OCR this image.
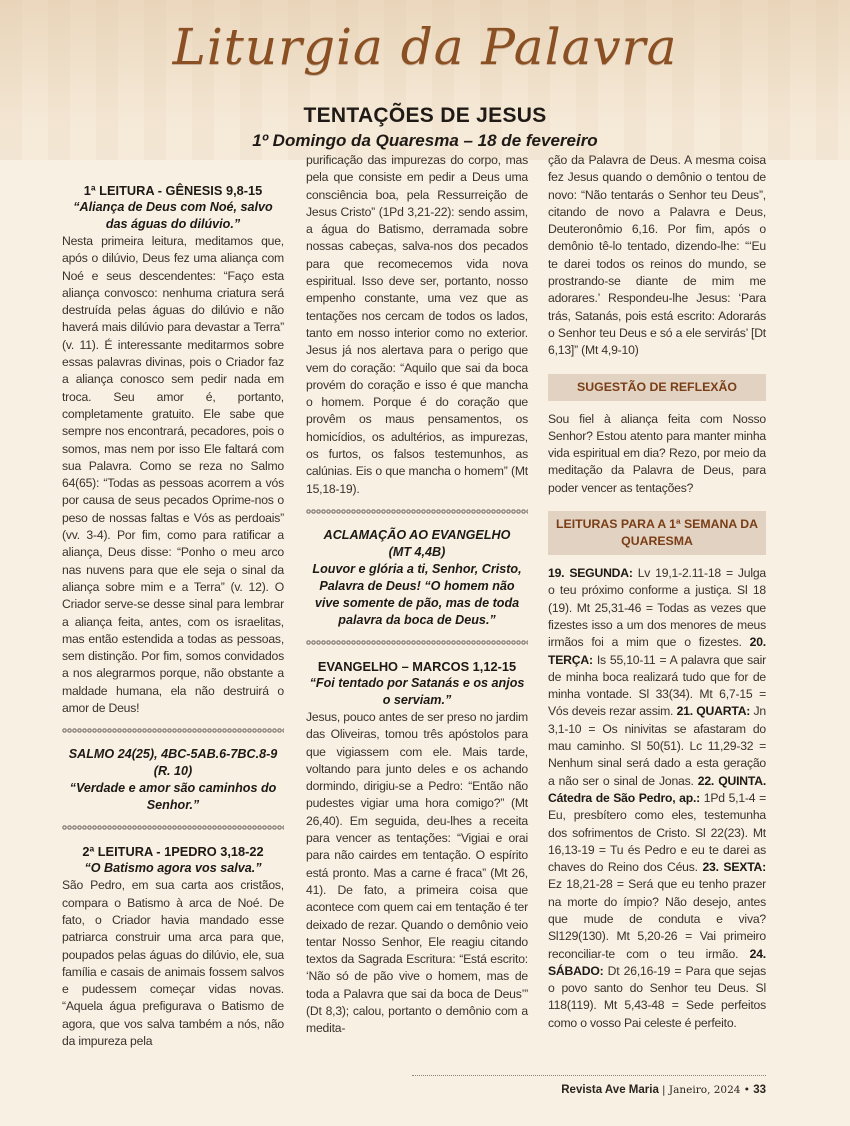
Liturgia da Palavra
TENTAÇÕES DE JESUS
1º Domingo da Quaresma – 18 de fevereiro

1ª LEITURA - GÊNESIS 9,8-15

“Aliança de Deus com Noé, salvo das águas do dilúvio.”

Nesta primeira leitura, meditamos que, após o dilúvio, Deus fez uma aliança com Noé e seus descendentes: “Faço esta aliança convosco: nenhuma criatura será destruída pelas águas do dilúvio e não haverá mais dilúvio para devastar a Terra” (v. 11). É interessante meditarmos sobre essas palavras divinas, pois o Criador faz a aliança conosco sem pedir nada em troca. Seu amor é, portanto, completamente gratuito. Ele sabe que sempre nos encontrará, pecadores, pois o somos, mas nem por isso Ele faltará com sua Palavra. Como se reza no Salmo 64(65): “Todas as pessoas acorrem a vós por causa de seus pecados Oprime-nos o peso de nossas faltas e Vós as perdoais” (vv. 3-4). Por fim, como para ratificar a aliança, Deus disse: “Ponho o meu arco nas nuvens para que ele seja o sinal da aliança sobre mim e a Terra” (v. 12). O Criador serve-se desse sinal para lembrar a aliança feita, antes, com os israelitas, mas então estendida a todas as pessoas, sem distinção. Por fim, somos convidados a nos alegrarmos porque, não obstante a maldade humana, ela não destruirá o amor de Deus!

SALMO 24(25), 4BC-5AB.6-7BC.8-9

(R. 10)

“Verdade e amor são caminhos do Senhor.”

2ª LEITURA - 1PEDRO 3,18-22

“O Batismo agora vos salva.”

São Pedro, em sua carta aos cristãos, compara o Batismo à arca de Noé. De fato, o Criador havia mandado esse patriarca construir uma arca para que, poupados pelas águas do dilúvio, ele, sua família e casais de animais fossem salvos e pudessem começar vidas novas. “Aquela água prefigurava o Batismo de agora, que vos salva também a nós, não da impureza pela

purificação das impurezas do corpo, mas pela que consiste em pedir a Deus uma consciência boa, pela Ressurreição de Jesus Cristo” (1Pd 3,21-22): sendo assim, a água do Batismo, derramada sobre nossas cabeças, salva-nos dos pecados para que recomecemos vida nova espiritual. Isso deve ser, portanto, nosso empenho constante, uma vez que as tentações nos cercam de todos os lados, tanto em nosso interior como no exterior. Jesus já nos alertava para o perigo que vem do coração: “Aquilo que sai da boca provém do coração e isso é que mancha o homem. Porque é do coração que provêm os maus pensamentos, os homicídios, os adultérios, as impurezas, os furtos, os falsos testemunhos, as calúnias. Eis o que mancha o homem” (Mt 15,18-19).

ACLAMAÇÃO AO EVANGELHO

(MT 4,4B)

Louvor e glória a ti, Senhor, Cristo, Palavra de Deus! “O homem não vive somente de pão, mas de toda palavra da boca de Deus.”

EVANGELHO – MARCOS 1,12-15

“Foi tentado por Satanás e os anjos o serviam.”

Jesus, pouco antes de ser preso no jardim das Oliveiras, tomou três apóstolos para que vigiassem com ele. Mais tarde, voltando para junto deles e os achando dormindo, dirigiu-se a Pedro: “Então não pudestes vigiar uma hora comigo?” (Mt 26,40). Em seguida, deu-lhes a receita para vencer as tentações: “Vigiai e orai para não cairdes em tentação. O espírito está pronto. Mas a carne é fraca” (Mt 26, 41). De fato, a primeira coisa que acontece com quem cai em tentação é ter deixado de rezar. Quando o demônio veio tentar Nosso Senhor, Ele reagiu citando textos da Sagrada Escritura: “Está escrito: ‘Não só de pão vive o homem, mas de toda a Palavra que sai da boca de Deus’” (Dt 8,3); calou, portanto o demônio com a medita-

ção da Palavra de Deus. A mesma coisa fez Jesus quando o demônio o tentou de novo: “Não tentarás o Senhor teu Deus”, citando de novo a Palavra e Deus, Deuteronômio 6,16. Por fim, após o demônio tê-lo tentado, dizendo-lhe: “‘Eu te darei todos os reinos do mundo, se prostrando-se diante de mim me adorares.’ Respondeu-lhe Jesus: ‘Para trás, Satanás, pois está escrito: Adorarás o Senhor teu Deus e só a ele servirás’ [Dt 6,13]” (Mt 4,9-10)

SUGESTÃO DE REFLEXÃO

Sou fiel à aliança feita com Nosso Senhor? Estou atento para manter minha vida espiritual em dia? Rezo, por meio da meditação da Palavra de Deus, para poder vencer as tentações?

LEITURAS PARA A 1ª SEMANA DA QUARESMA

19. SEGUNDA: Lv 19,1-2.11-18 = Julga o teu próximo conforme a justiça. Sl 18 (19). Mt 25,31-46 = Todas as vezes que fizestes isso a um dos menores de meus irmãos foi a mim que o fizestes. 20. TERÇA: Is 55,10-11 = A palavra que sair de minha boca realizará tudo que for de minha vontade. Sl 33(34). Mt 6,7-15 = Vós deveis rezar assim. 21. QUARTA: Jn 3,1-10 = Os ninivitas se afastaram do mau caminho. Sl 50(51). Lc 11,29-32 = Nenhum sinal será dado a esta geração a não ser o sinal de Jonas. 22. QUINTA. Cátedra de São Pedro, ap.: 1Pd 5,1-4 = Eu, presbítero como eles, testemunha dos sofrimentos de Cristo. Sl 22(23). Mt 16,13-19 = Tu és Pedro e eu te darei as chaves do Reino dos Céus. 23. SEXTA: Ez 18,21-28 = Será que eu tenho prazer na morte do ímpio? Não desejo, antes que mude de conduta e viva? Sl129(130). Mt 5,20-26 = Vai primeiro reconciliar-te com o teu irmão. 24. SÁBADO: Dt 26,16-19 = Para que sejas o povo santo do Senhor teu Deus. Sl 118(119). Mt 5,43-48 = Sede perfeitos como o vosso Pai celeste é perfeito.

Revista Ave Maria | Janeiro, 2024 • 33
